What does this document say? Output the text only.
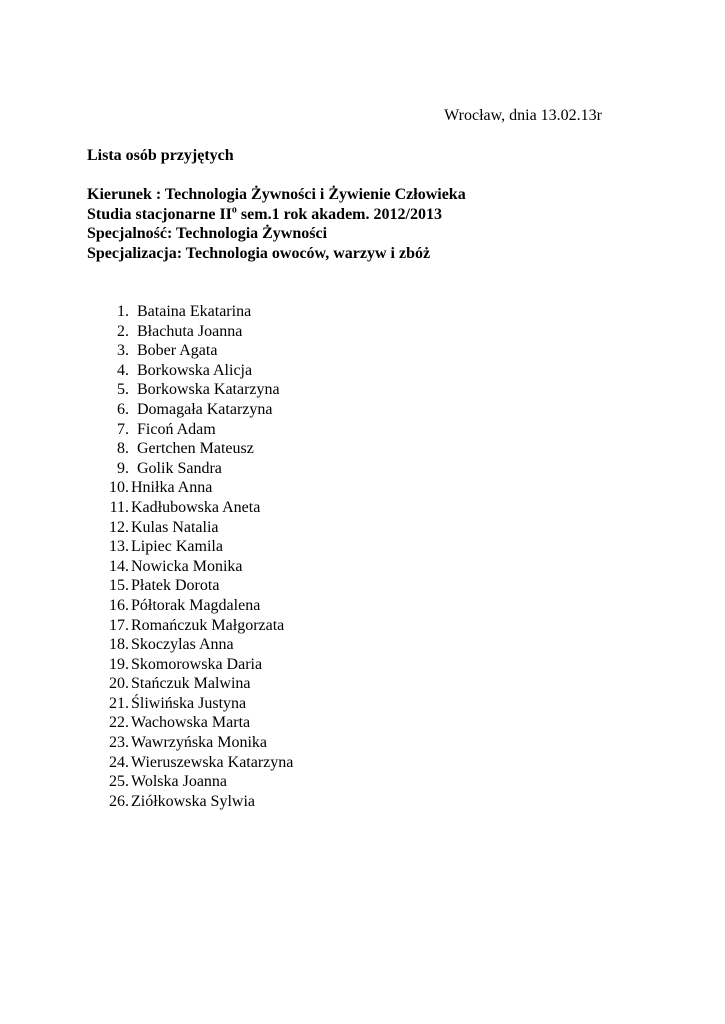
Wrocław, dnia 13.02.13r
Lista osób przyjętych
Kierunek : Technologia Żywności i Żywienie Człowieka
Studia stacjonarne $II^o$ sem.1 rok akadem. 2012/2013
Specjalność: Technologia Żywności
Specjalizacja: Technologia owoców, warzyw i zbóż
1. Bataina Ekatarina
2. Błachuta Joanna
3. Bober Agata
4. Borkowska Alicja
5. Borkowska Katarzyna
6. Domagała Katarzyna
7. Ficoń Adam
8. Gertchen Mateusz
9. Golik Sandra
10. Hniłka Anna
11. Kadłubowska Aneta
12. Kulas Natalia
13. Lipiec Kamila
14. Nowicka Monika
15. Płatek Dorota
16. Półtorak Magdalena
17. Romańczuk Małgorzata
18. Skoczylas Anna
19. Skomorowska Daria
20. Stańczuk Malwina
21. Śliwińska Justyna
22. Wachowska Marta
23. Wawrzyńska Monika
24. Wieruszewska Katarzyna
25. Wolska Joanna
26. Ziółkowska Sylwia
